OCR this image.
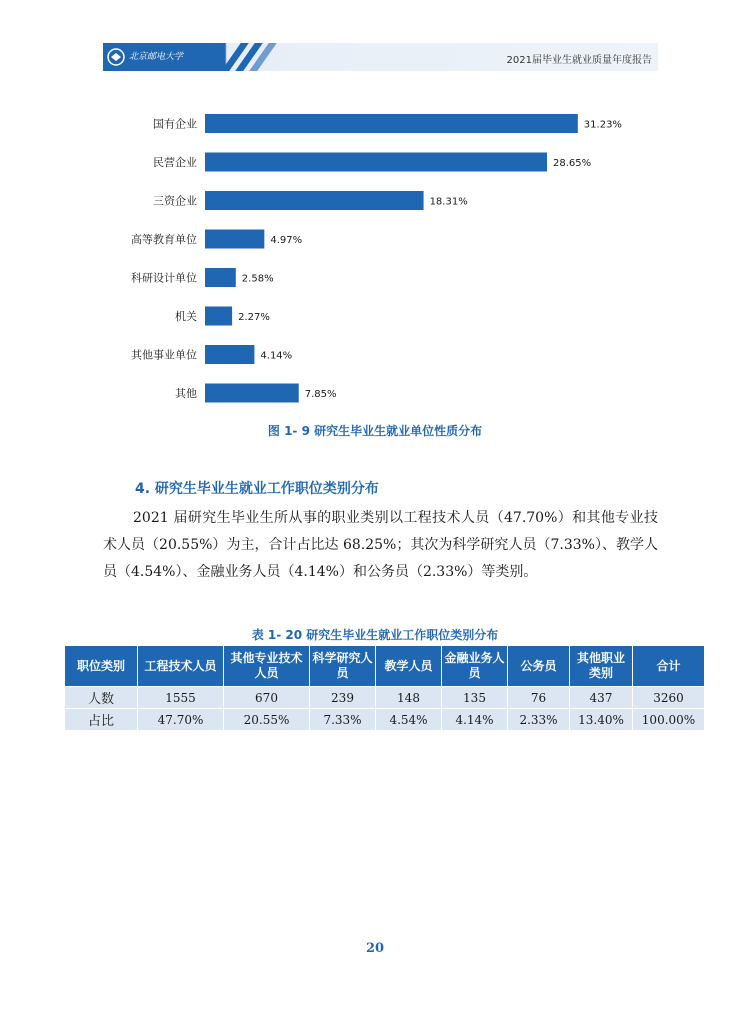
北京邮电大学	2021届毕业生就业质量年度报告
国有企业	31.23%
民营企业	28.65%
三资企业	18.31%
高等教育单位	4.97%
科研设计单位	2.58%
机关	2.27%
其他事业单位	4.14%
其他	7.85%
图 1- 9 研究生毕业生就业单位性质分布
4. 研究生毕业生就业工作职位类别分布

2021 届研究生毕业生所从事的职业类别以工程技术人员（47.70%）和其他专业技术人员（20.55%）为主，合计占比达 68.25%；其次为科学研究人员（7.33%）、教学人员（4.54%）、金融业务人员（4.14%）和公务员（2.33%）等类别。

表 1- 20 研究生毕业生就业工作职位类别分布
职位类别	工程技术人员	其他专业技术人员	科学研究人员	教学人员	金融业务人员	公务员	其他职业类别	合计
人数	1555	670	239	148	135	76	437	3260
占比	47.70%	20.55%	7.33%	4.54%	4.14%	2.33%	13.40%	100.00%
20
